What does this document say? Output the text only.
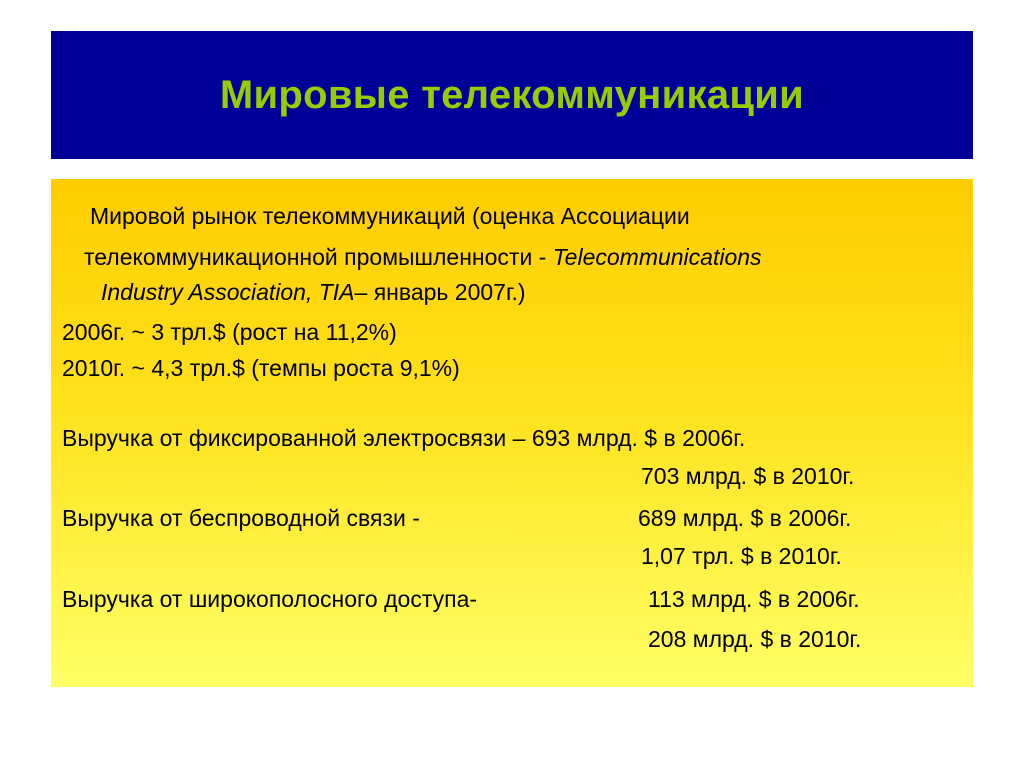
Мировые телекоммуникации
Мировой рынок телекоммуникаций (оценка Ассоциации
телекоммуникационной промышленности - Telecommunications
Industry Association, TIA– январь 2007г.)
2006г. ~ 3 трл.$ (рост на 11,2%)
2010г. ~ 4,3 трл.$ (темпы роста 9,1%)
Выручка от фиксированной электросвязи – 693 млрд. $ в 2006г.
703 млрд. $ в 2010г.
Выручка от беспроводной связи -	689 млрд. $ в 2006г.
1,07 трл. $ в 2010г.
Выручка от широкополосного доступа-	113 млрд. $ в 2006г.
208 млрд. $ в 2010г.
